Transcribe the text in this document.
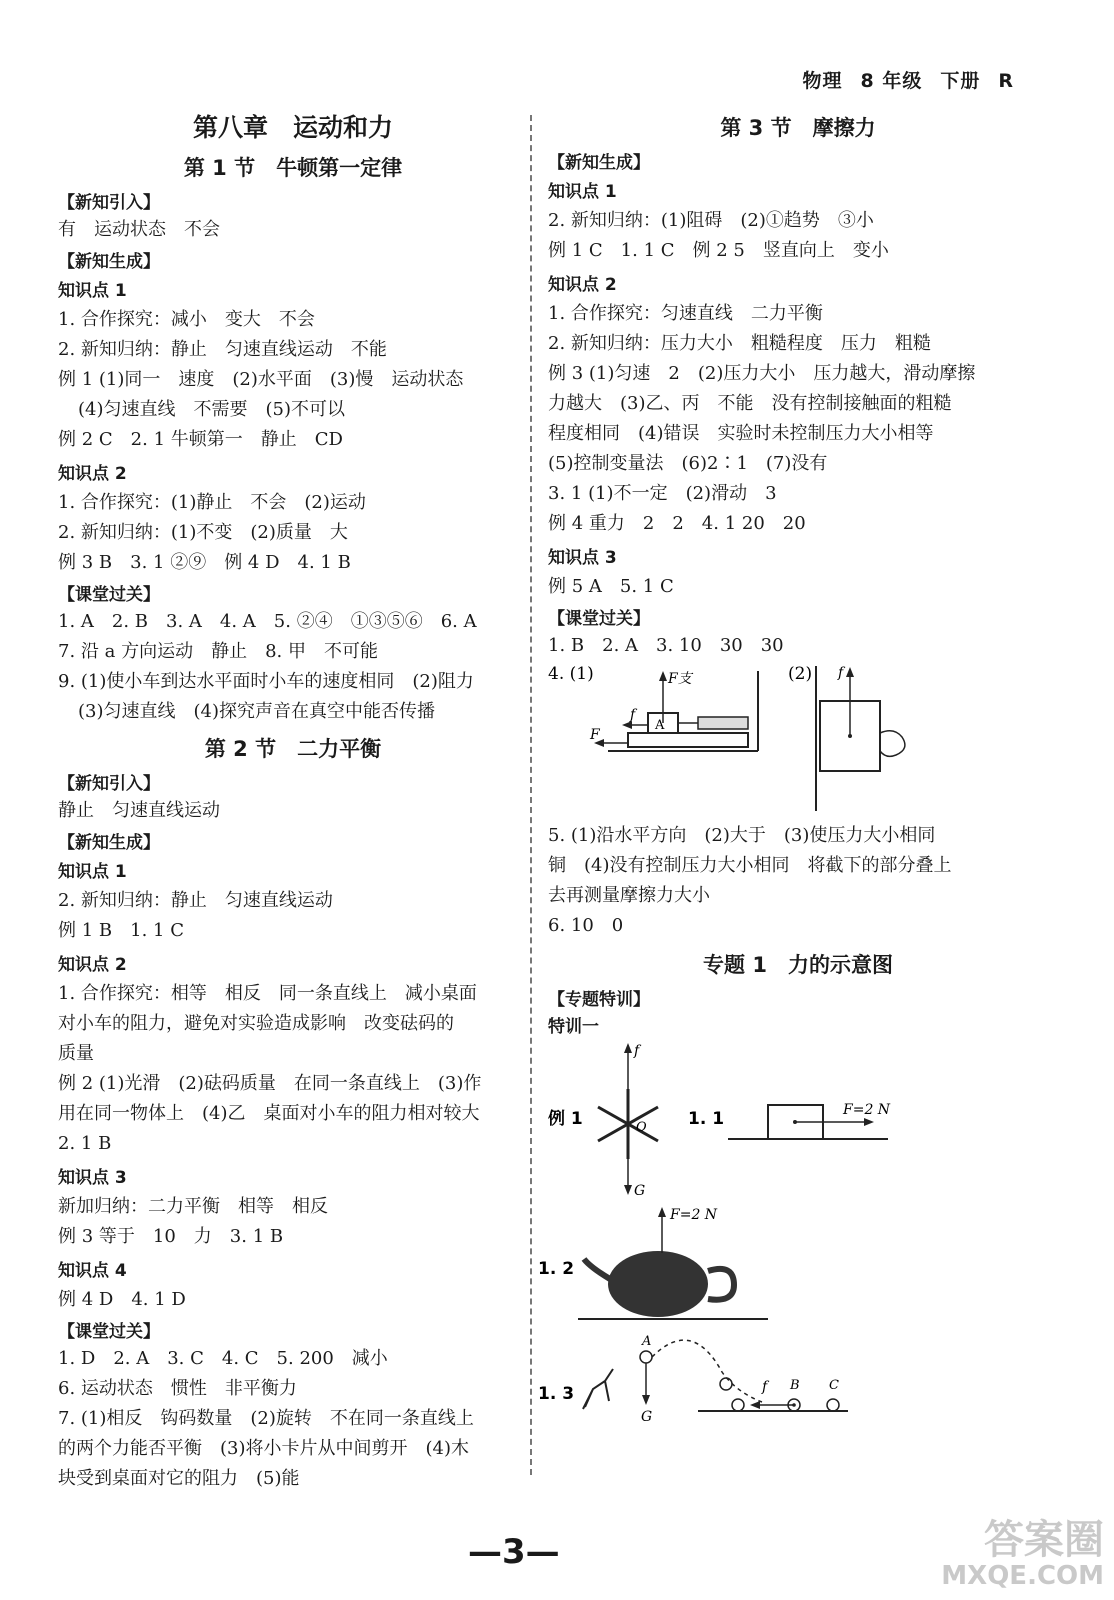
物理 8 年级 下册 R
第八章　运动和力
第 1 节　牛顿第一定律
【新知引入】
有　运动状态　不会
【新知生成】
知识点 1
1. 合作探究：减小　变大　不会
2. 新知归纳：静止　匀速直线运动　不能
例 1 (1)同一　速度　(2)水平面　(3)慢　运动状态
(4)匀速直线　不需要　(5)不可以
例 2 C　2. 1 牛顿第一　静止　CD
知识点 2
1. 合作探究：(1)静止　不会　(2)运动
2. 新知归纳：(1)不变　(2)质量　大
例 3 B　3. 1 ②⑨　例 4 D　4. 1 B
【课堂过关】
1. A　2. B　3. A　4. A　5. ②④　①③⑤⑥　6. A
7. 沿 a 方向运动　静止　8. 甲　不可能
9. (1)使小车到达水平面时小车的速度相同　(2)阻力
(3)匀速直线　(4)探究声音在真空中能否传播
第 2 节　二力平衡
【新知引入】
静止　匀速直线运动
【新知生成】
知识点 1
2. 新知归纳：静止　匀速直线运动
例 1 B　1. 1 C
知识点 2
1. 合作探究：相等　相反　同一条直线上　减小桌面
对小车的阻力，避免对实验造成影响　改变砝码的
质量
例 2 (1)光滑　(2)砝码质量　在同一条直线上　(3)作
用在同一物体上　(4)乙　桌面对小车的阻力相对较大
2. 1 B
知识点 3
新加归纳：二力平衡　相等　相反
例 3 等于　10　力　3. 1 B
知识点 4
例 4 D　4. 1 D
【课堂过关】
1. D　2. A　3. C　4. C　5. 200　减小
6. 运动状态　惯性　非平衡力
7. (1)相反　钩码数量　(2)旋转　不在同一条直线上
的两个力能否平衡　(3)将小卡片从中间剪开　(4)木
块受到桌面对它的阻力　(5)能
第 3 节　摩擦力
【新知生成】
知识点 1
2. 新知归纳：(1)阻碍　(2)①趋势　③小
例 1 C　1. 1 C　例 2 5　竖直向上　变小
知识点 2
1. 合作探究：匀速直线　二力平衡
2. 新知归纳：压力大小　粗糙程度　压力　粗糙
例 3 (1)匀速　2　(2)压力大小　压力越大，滑动摩擦
力越大　(3)乙、丙　不能　没有控制接触面的粗糙
程度相同　(4)错误　实验时未控制压力大小相等
(5)控制变量法　(6)2∶1　(7)没有
3. 1 (1)不一定　(2)滑动　3
例 4 重力　2　2　4. 1 20　20
知识点 3
例 5 A　5. 1 C
【课堂过关】
1. B　2. A　3. 10　30　30
4. (1)
A
F支
f
F
(2) f
5. (1)沿水平方向　(2)大于　(3)使压力大小相同
铜　(4)没有控制压力大小相同　将截下的部分叠上
去再测量摩擦力大小
6. 10　0
专题 1　力的示意图
【专题特训】
特训一
例 1
f
O
G
1. 1	F=2 N
1. 2
F=2 N
1. 3
A
G
B
f	C
—3—	答案圈
MXQE.COM
